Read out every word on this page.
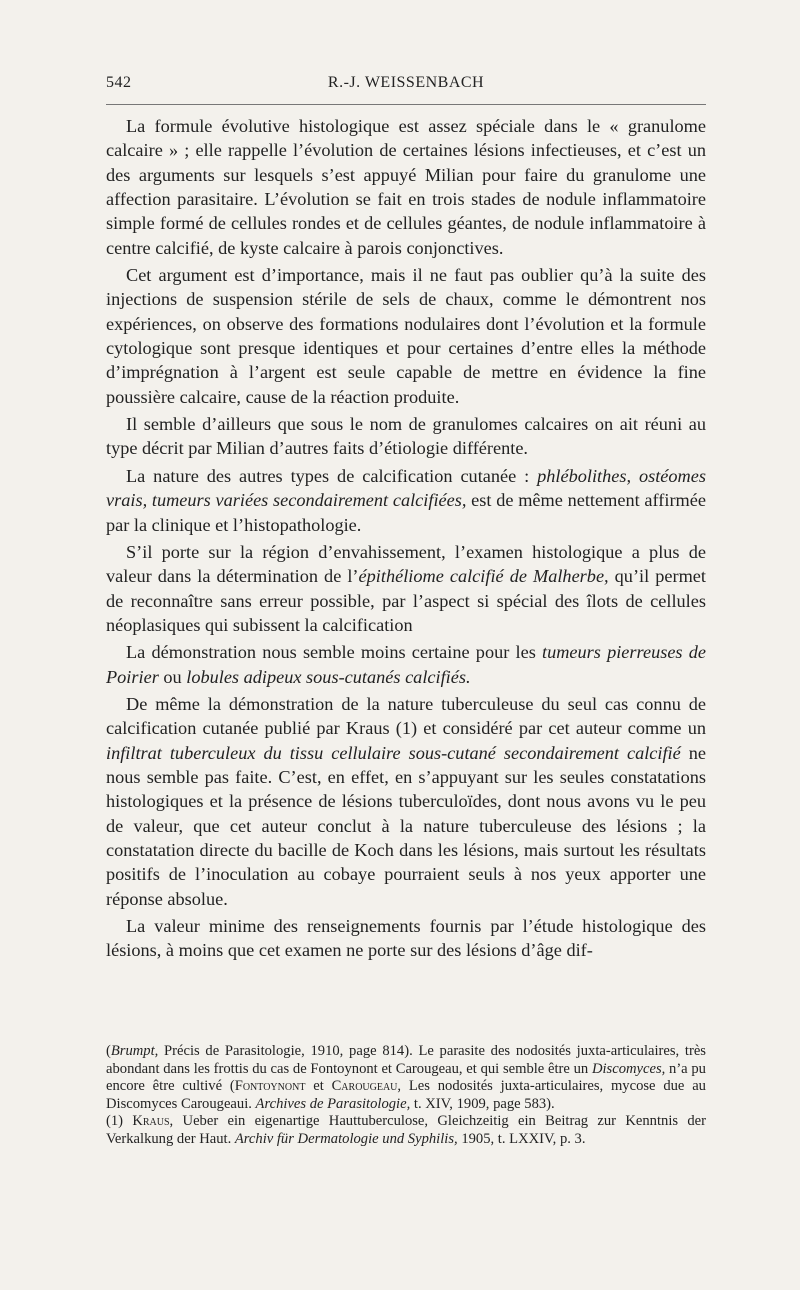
542	R.-J. WEISSENBACH

La formule évolutive histologique est assez spéciale dans le « granulome calcaire » ; elle rappelle l’évolution de certaines lésions infectieuses, et c’est un des arguments sur lesquels s’est appuyé Milian pour faire du granulome une affection parasitaire. L’évolution se fait en trois stades de nodule inflammatoire simple formé de cellules rondes et de cellules géantes, de nodule inflammatoire à centre calcifié, de kyste calcaire à parois conjonctives.

Cet argument est d’importance, mais il ne faut pas oublier qu’à la suite des injections de suspension stérile de sels de chaux, comme le démontrent nos expériences, on observe des formations nodulaires dont l’évolution et la formule cytologique sont presque identiques et pour certaines d’entre elles la méthode d’imprégnation à l’argent est seule capable de mettre en évidence la fine poussière calcaire, cause de la réaction produite.

Il semble d’ailleurs que sous le nom de granulomes calcaires on ait réuni au type décrit par Milian d’autres faits d’étiologie différente.

La nature des autres types de calcification cutanée : phlébolithes, ostéomes vrais, tumeurs variées secondairement calcifiées, est de même nettement affirmée par la clinique et l’histopathologie.

S’il porte sur la région d’envahissement, l’examen histologique a plus de valeur dans la détermination de l’épithéliome calcifié de Malherbe, qu’il permet de reconnaître sans erreur possible, par l’aspect si spécial des îlots de cellules néoplasiques qui subissent la calcification

La démonstration nous semble moins certaine pour les tumeurs pierreuses de Poirier ou lobules adipeux sous-cutanés calcifiés.

De même la démonstration de la nature tuberculeuse du seul cas connu de calcification cutanée publié par Kraus (1) et considéré par cet auteur comme un infiltrat tuberculeux du tissu cellulaire sous-cutané secondairement calcifié ne nous semble pas faite. C’est, en effet, en s’appuyant sur les seules constatations histologiques et la présence de lésions tuberculoïdes, dont nous avons vu le peu de valeur, que cet auteur conclut à la nature tuberculeuse des lésions ; la constatation directe du bacille de Koch dans les lésions, mais surtout les résultats positifs de l’inoculation au cobaye pourraient seuls à nos yeux apporter une réponse absolue.

La valeur minime des renseignements fournis par l’étude histologique des lésions, à moins que cet examen ne porte sur des lésions d’âge dif-

(Brumpt, Précis de Parasitologie, 1910, page 814). Le parasite des nodosités juxta-articulaires, très abondant dans les frottis du cas de Fontoynont et Carougeau, et qui semble être un Discomyces, n’a pu encore être cultivé (Fontoynont et Carougeau, Les nodosités juxta-articulaires, mycose due au Discomyces Carougeaui. Archives de Parasitologie, t. XIV, 1909, page 583).

(1) Kraus, Ueber ein eigenartige Hauttuberculose, Gleichzeitig ein Beitrag zur Kenntnis der Verkalkung der Haut. Archiv für Dermatologie und Syphilis, 1905, t. LXXIV, p. 3.
